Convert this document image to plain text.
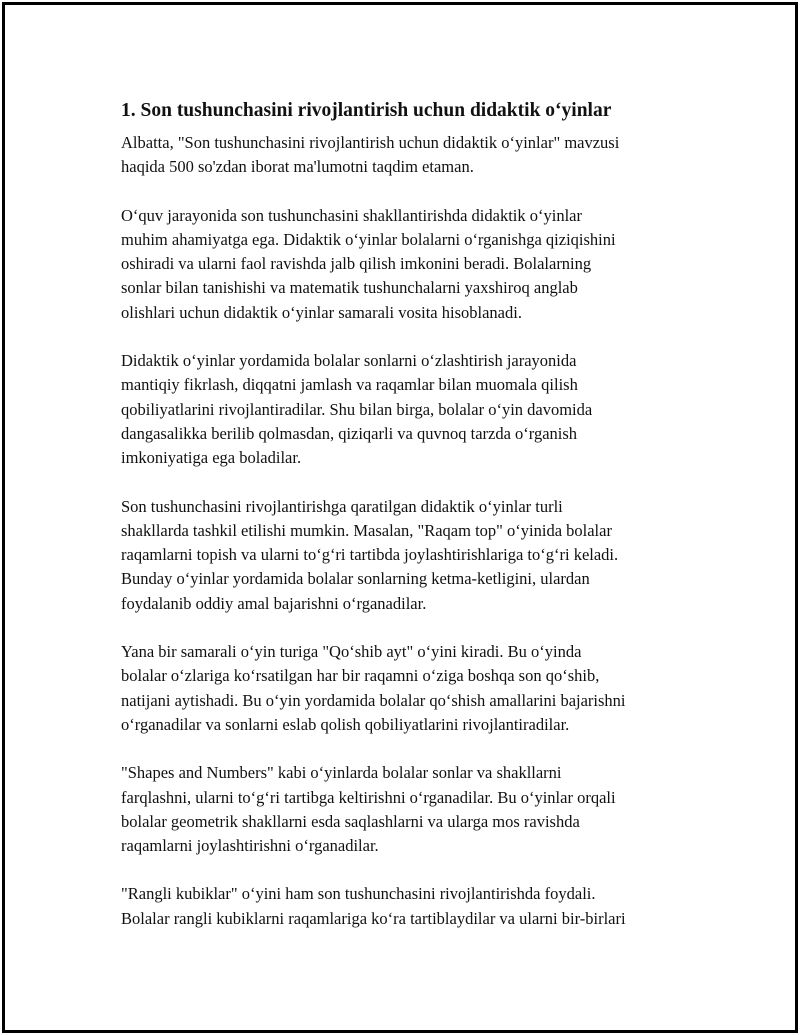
1. Son tushunchasini rivojlantirish uchun didaktik o‘yinlar
Albatta, "Son tushunchasini rivojlantirish uchun didaktik o‘yinlar" mavzusi
haqida 500 so'zdan iborat ma'lumotni taqdim etaman.
O‘quv jarayonida son tushunchasini shakllantirishda didaktik o‘yinlar
muhim ahamiyatga ega. Didaktik o‘yinlar bolalarni o‘rganishga qiziqishini
oshiradi va ularni faol ravishda jalb qilish imkonini beradi. Bolalarning
sonlar bilan tanishishi va matematik tushunchalarni yaxshiroq anglab
olishlari uchun didaktik o‘yinlar samarali vosita hisoblanadi.
Didaktik o‘yinlar yordamida bolalar sonlarni o‘zlashtirish jarayonida
mantiqiy fikrlash, diqqatni jamlash va raqamlar bilan muomala qilish
qobiliyatlarini rivojlantiradilar. Shu bilan birga, bolalar o‘yin davomida
dangasalikka berilib qolmasdan, qiziqarli va quvnoq tarzda o‘rganish
imkoniyatiga ega boladilar.
Son tushunchasini rivojlantirishga qaratilgan didaktik o‘yinlar turli
shakllarda tashkil etilishi mumkin. Masalan, "Raqam top" o‘yinida bolalar
raqamlarni topish va ularni to‘g‘ri tartibda joylashtirishlariga to‘g‘ri keladi.
Bunday o‘yinlar yordamida bolalar sonlarning ketma-ketligini, ulardan
foydalanib oddiy amal bajarishni o‘rganadilar.
Yana bir samarali o‘yin turiga "Qo‘shib ayt" o‘yini kiradi. Bu o‘yinda
bolalar o‘zlariga ko‘rsatilgan har bir raqamni o‘ziga boshqa son qo‘shib,
natijani aytishadi. Bu o‘yin yordamida bolalar qo‘shish amallarini bajarishni
o‘rganadilar va sonlarni eslab qolish qobiliyatlarini rivojlantiradilar.
"Shapes and Numbers" kabi o‘yinlarda bolalar sonlar va shakllarni
farqlashni, ularni to‘g‘ri tartibga keltirishni o‘rganadilar. Bu o‘yinlar orqali
bolalar geometrik shakllarni esda saqlashlarni va ularga mos ravishda
raqamlarni joylashtirishni o‘rganadilar.
"Rangli kubiklar" o‘yini ham son tushunchasini rivojlantirishda foydali.
Bolalar rangli kubiklarni raqamlariga ko‘ra tartiblaydilar va ularni bir-birlari
